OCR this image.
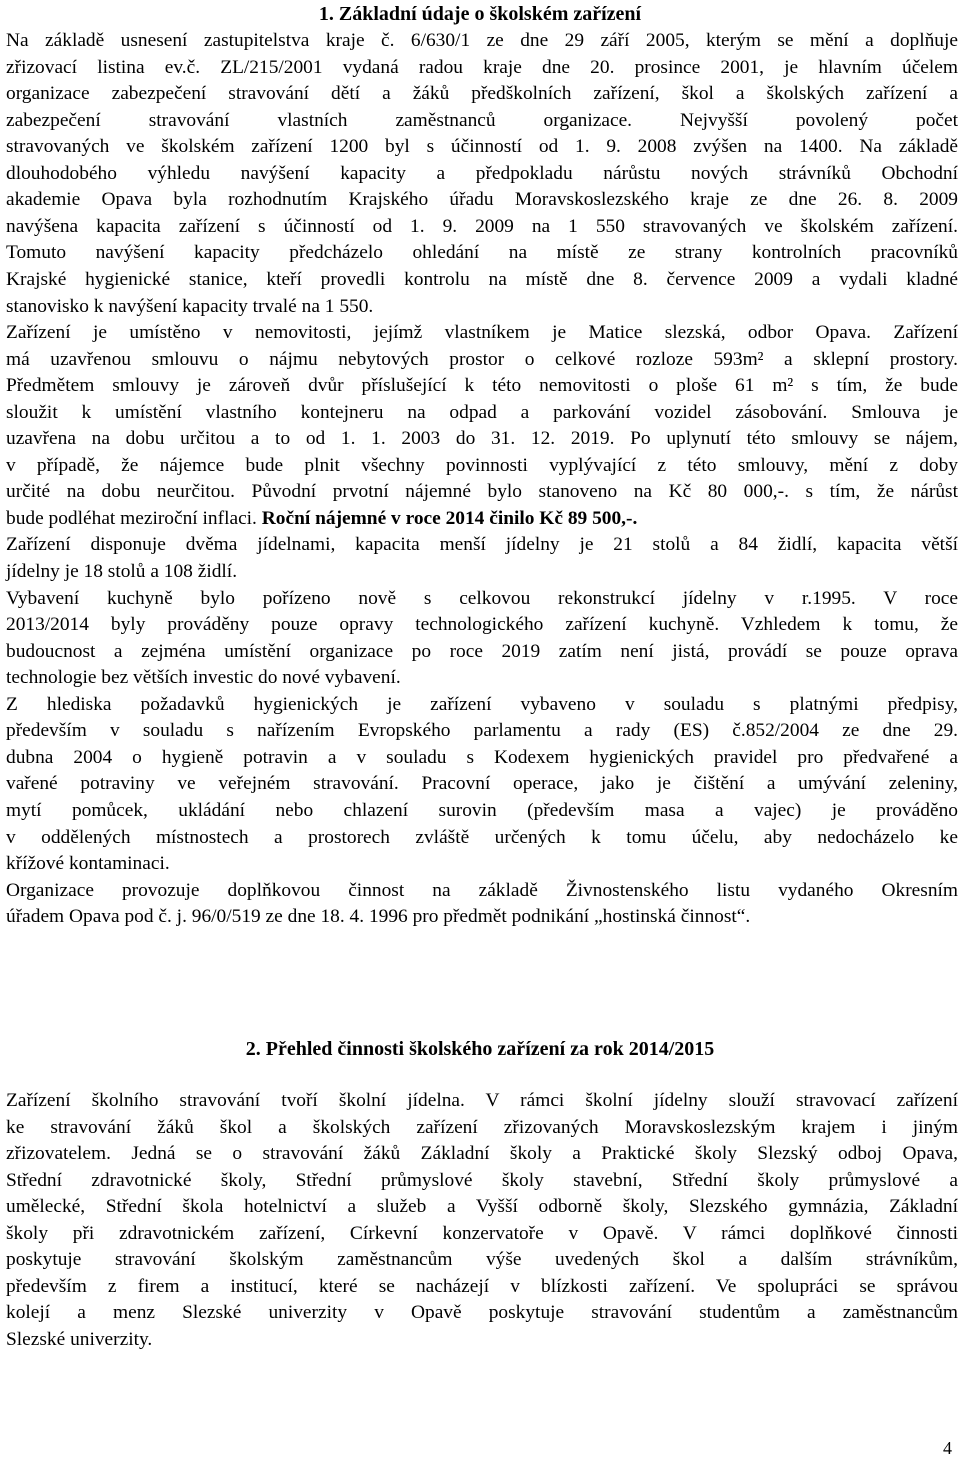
1. Základní údaje o školském zařízení

Na základě usnesení zastupitelstva kraje č. 6/630/1 ze dne 29 září 2005, kterým se mění a doplňuje

zřizovací listina ev.č. ZL/215/2001 vydaná radou kraje dne 20. prosince 2001, je hlavním účelem

organizace zabezpečení stravování dětí a žáků předškolních zařízení, škol a školských zařízení a

zabezpečení stravování vlastních zaměstnanců organizace. Nejvyšší povolený počet

stravovaných ve školském zařízení 1200 byl s účinností od 1. 9. 2008 zvýšen na 1400. Na základě

dlouhodobého výhledu navýšení kapacity a předpokladu nárůstu nových strávníků Obchodní

akademie Opava byla rozhodnutím Krajského úřadu Moravskoslezského kraje ze dne 26. 8. 2009

navýšena kapacita zařízení s účinností od 1. 9. 2009 na 1 550 stravovaných ve školském zařízení.

Tomuto navýšení kapacity předcházelo ohledání na místě ze strany kontrolních pracovníků

Krajské hygienické stanice, kteří provedli kontrolu na místě dne 8. července 2009 a vydali kladné

stanovisko k navýšení kapacity trvalé na 1 550.

Zařízení je umístěno v nemovitosti, jejímž vlastníkem je Matice slezská, odbor Opava. Zařízení

má uzavřenou smlouvu o nájmu nebytových prostor o celkové rozloze 593m² a sklepní prostory.

Předmětem smlouvy je zároveň dvůr příslušející k této nemovitosti o ploše 61 m² s tím, že bude

sloužit k umístění vlastního kontejneru na odpad a parkování vozidel zásobování. Smlouva je

uzavřena na dobu určitou a to od 1. 1. 2003 do 31. 12. 2019. Po uplynutí této smlouvy se nájem,

v případě, že nájemce bude plnit všechny povinnosti vyplývající z této smlouvy, mění z doby

určité na dobu neurčitou. Původní prvotní nájemné bylo stanoveno na Kč 80 000,-. s tím, že nárůst

bude podléhat meziroční inflaci. Roční nájemné v roce 2014 činilo Kč 89 500,-.

Zařízení disponuje dvěma jídelnami, kapacita menší jídelny je 21 stolů a 84 židlí, kapacita větší

jídelny je 18 stolů a 108 židlí.

Vybavení kuchyně bylo pořízeno nově s celkovou rekonstrukcí jídelny v r.1995. V roce

2013/2014 byly prováděny pouze opravy technologického zařízení kuchyně. Vzhledem k tomu, že

budoucnost a zejména umístění organizace po roce 2019 zatím není jistá, provádí se pouze oprava

technologie bez větších investic do nové vybavení.

Z hlediska požadavků hygienických je zařízení vybaveno v souladu s platnými předpisy,

především v souladu s nařízením Evropského parlamentu a rady (ES) č.852/2004 ze dne 29.

dubna 2004 o hygieně potravin a v souladu s Kodexem hygienických pravidel pro předvařené a

vařené potraviny ve veřejném stravování. Pracovní operace, jako je čištění a umývání zeleniny,

mytí pomůcek, ukládání nebo chlazení surovin (především masa a vajec) je prováděno

v oddělených místnostech a prostorech zvláště určených k tomu účelu, aby nedocházelo ke

křížové kontaminaci.

Organizace provozuje doplňkovou činnost na základě Živnostenského listu vydaného Okresním

úřadem Opava pod č. j. 96/0/519 ze dne 18. 4. 1996 pro předmět podnikání „hostinská činnost“.

2. Přehled činnosti školského zařízení za rok 2014/2015

Zařízení školního stravování tvoří školní jídelna. V rámci školní jídelny slouží stravovací zařízení

ke stravování žáků škol a školských zařízení zřizovaných Moravskoslezským krajem i jiným

zřizovatelem. Jedná se o stravování žáků Základní školy a Praktické školy Slezský odboj Opava,

Střední zdravotnické školy, Střední průmyslové školy stavební, Střední školy průmyslové a

umělecké, Střední škola hotelnictví a služeb a Vyšší odborně školy, Slezského gymnázia, Základní

školy při zdravotnickém zařízení, Církevní konzervatoře v Opavě. V rámci doplňkové činnosti

poskytuje stravování školským zaměstnancům výše uvedených škol a dalším strávníkům,

především z firem a institucí, které se nacházejí v blízkosti zařízení. Ve spolupráci se správou

kolejí a menz Slezské univerzity v Opavě poskytuje stravování studentům a zaměstnancům

Slezské univerzity.

4
